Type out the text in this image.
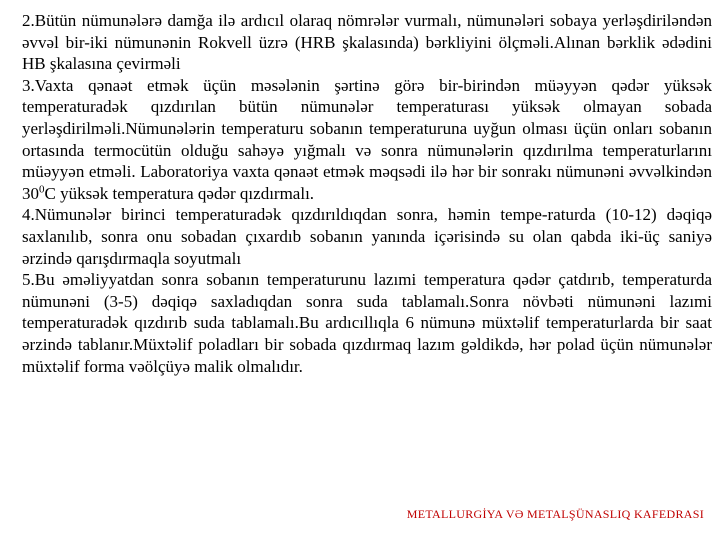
2.Bütün nümunələrə damğa ilə ardıcıl olaraq nömrələr vurmalı, nümunələri sobaya yerləşdiriləndən əvvəl bir-iki nümunənin Rokvell üzrə (HRB şkalasında) bərkliyini ölçməli.Alınan bərklik ədədini HB şkalasına çevirməli

3.Vaxta qənaət etmək üçün məsələnin şərtinə görə bir-birindən müəyyən qədər yüksək temperaturadək qızdırılan bütün nümunələr temperaturası yüksək olmayan sobada yerləşdirilməli.Nümunələrin temperaturu sobanın temperaturuna uyğun olması üçün onları sobanın ortasında termocütün olduğu sahəyə yığmalı və sonra nümunələrin qızdırılma temperaturlarını müəyyən etməli. Laboratoriya vaxta qənaət etmək məqsədi ilə hər bir sonrakı nümunəni əvvəlkindən $30^0C$ yüksək temperatura qədər qızdırmalı.

4.Nümunələr birinci temperaturadək qızdırıldıqdan sonra, həmin tempe-raturda (10-12) dəqiqə saxlanılıb, sonra onu sobadan çıxardıb sobanın yanında içərisində su olan qabda iki-üç saniyə ərzində qarışdırmaqla soyutmalı

5.Bu əməliyyatdan sonra sobanın temperaturunu lazımi temperatura qədər çatdırıb, temperaturda nümunəni (3-5) dəqiqə saxladıqdan sonra suda tablamalı.Sonra növbəti nümunəni lazımi temperaturadək qızdırıb suda tablamalı.Bu ardıcıllıqla 6 nümunə müxtəlif temperaturlarda bir saat ərzində tablanır.Müxtəlif poladları bir sobada qızdırmaq lazım gəldikdə, hər polad üçün nümunələr müxtəlif forma vəölçüyə malik olmalıdır.

METALLURGİYA VƏ METALŞÜNASLIQ KAFEDRASI
